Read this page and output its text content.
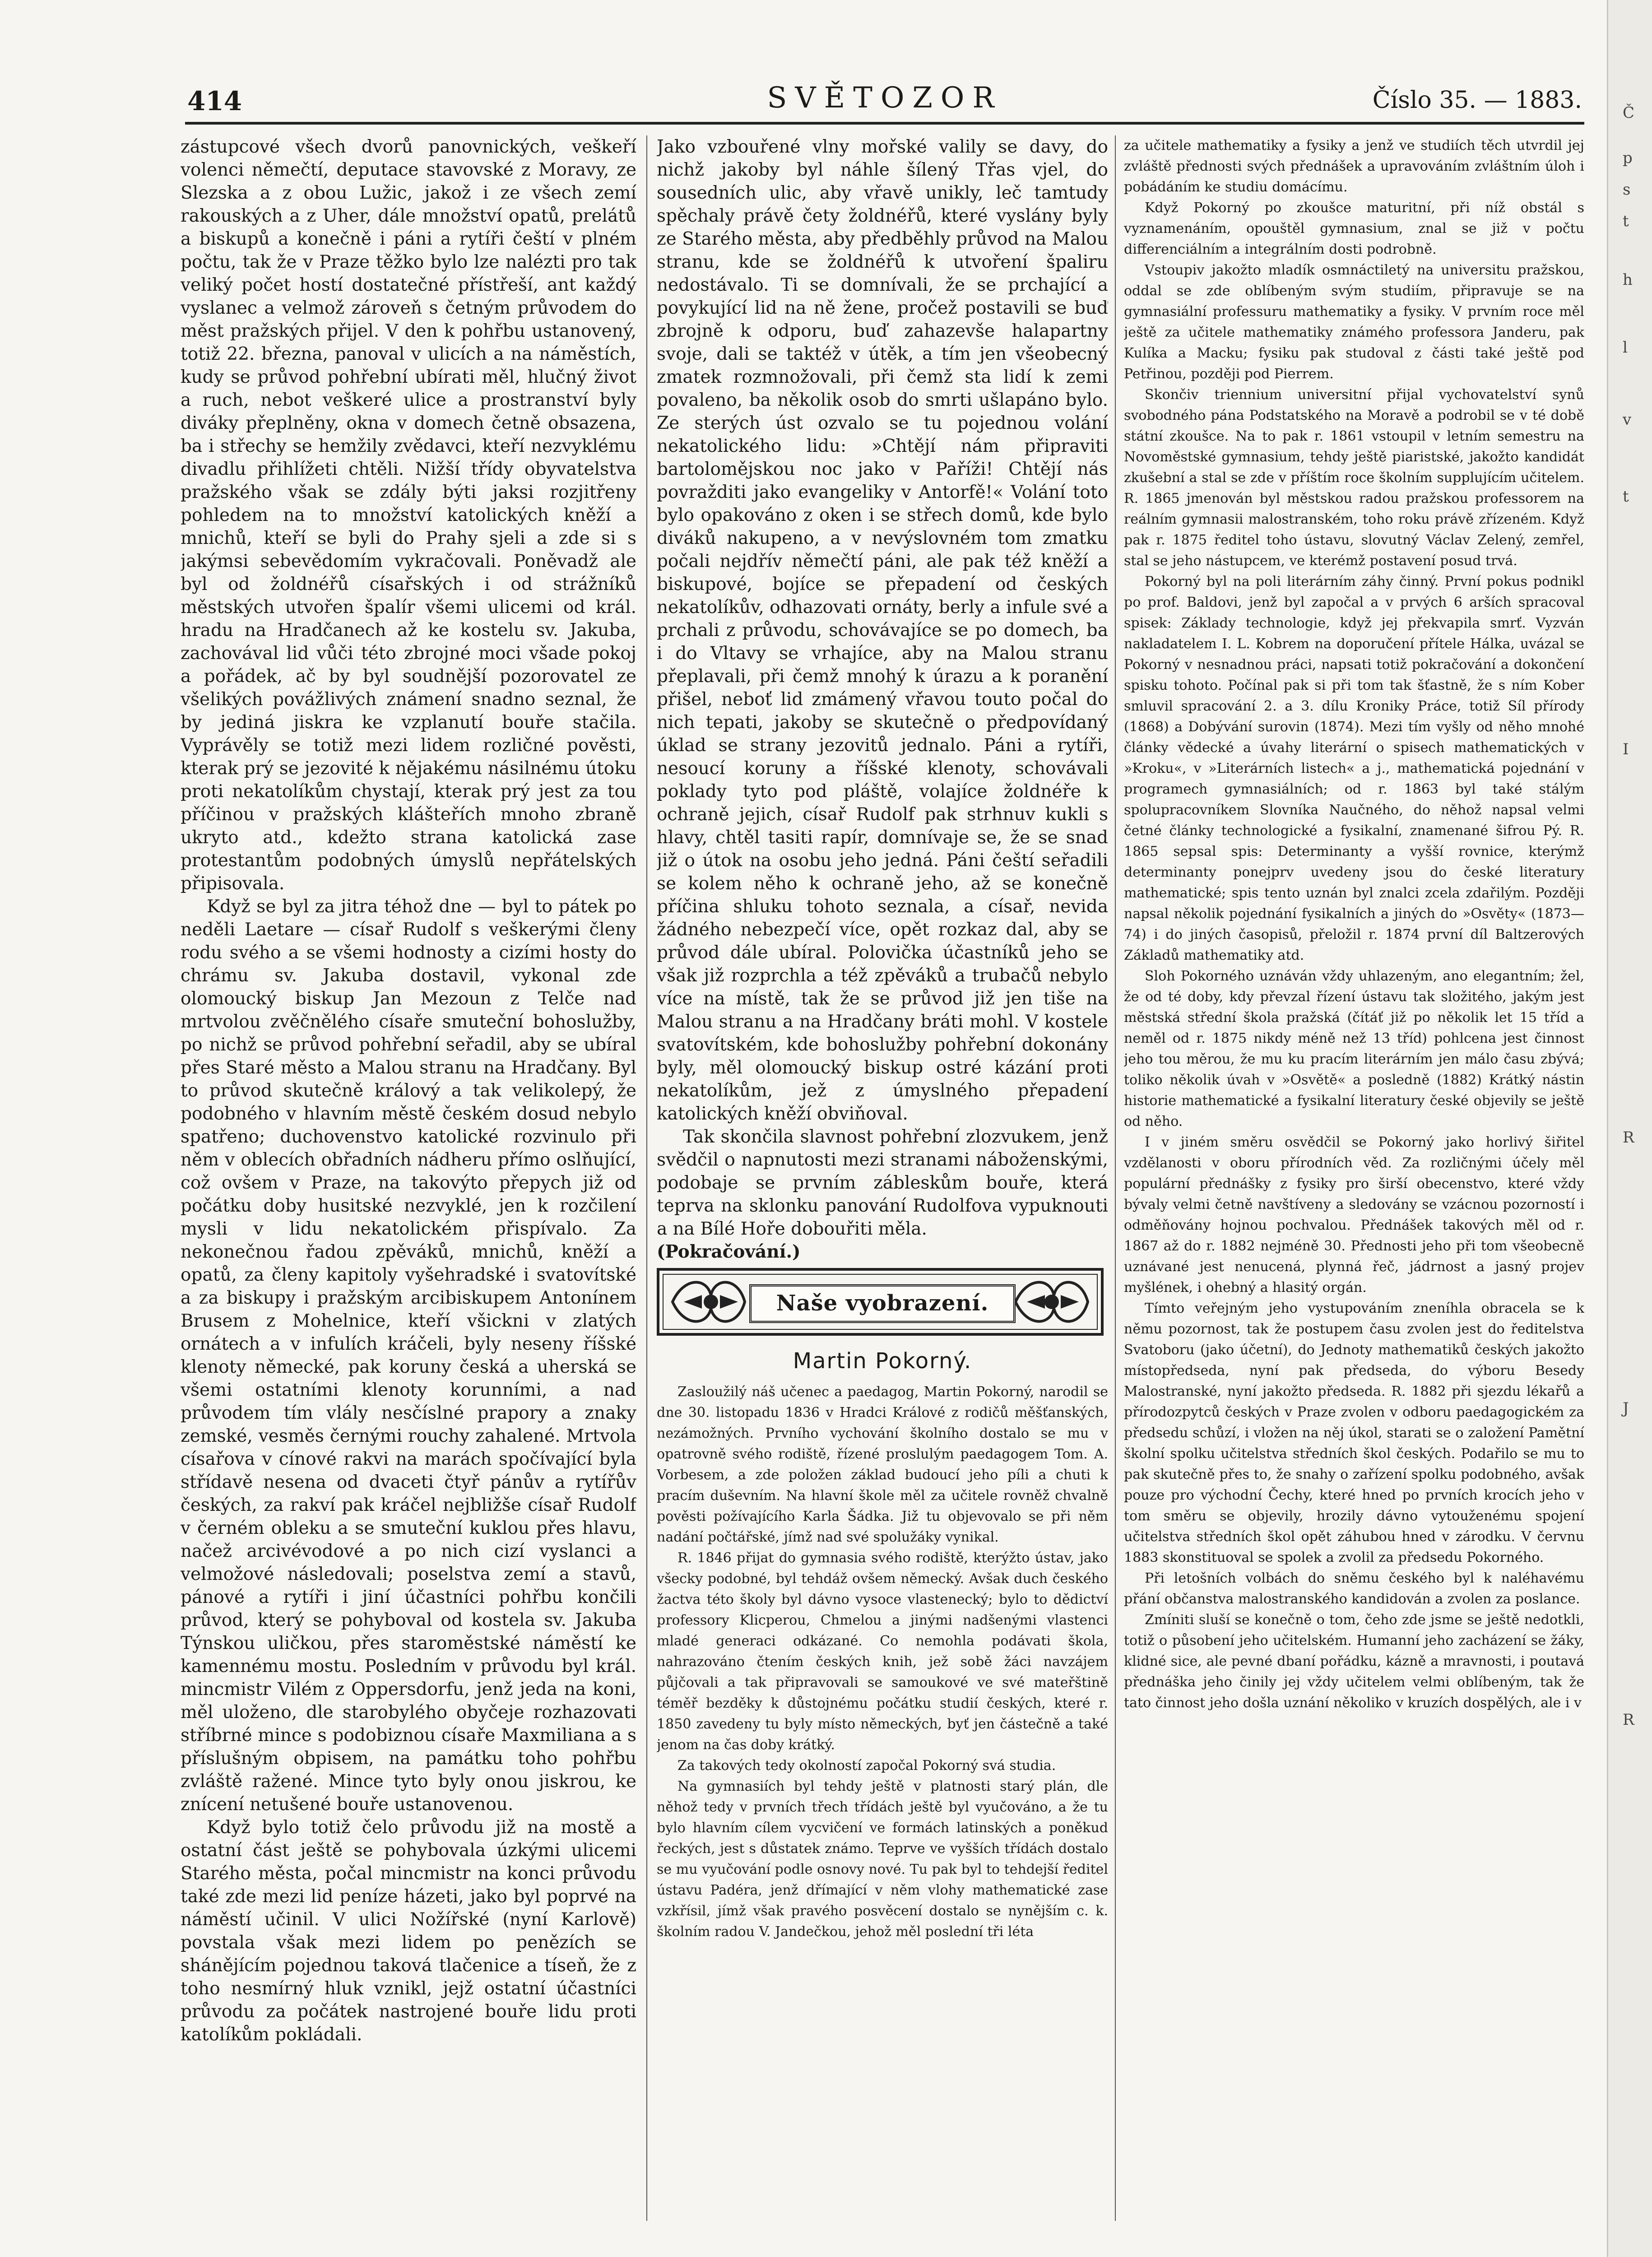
414	SVĚTOZOR	Číslo 35. — 1883.

zástupcové všech dvorů panovnických, veškeří volenci němečtí, deputace stavovské z Moravy, ze Slezska a z obou Lužic, jakož i ze všech zemí rakouských a z Uher, dále množství opatů, prelátů a biskupů a konečně i páni a rytíři čeští v plném počtu, tak že v Praze těžko bylo lze nalézti pro tak veliký počet hostí dostatečné přístřeší, ant každý vyslanec a velmož zároveň s četným průvodem do měst pražských přijel. V den k pohřbu ustanovený, totiž 22. března, panoval v ulicích a na náměstích, kudy se průvod pohřební ubírati měl, hlučný život a ruch, nebot veškeré ulice a prostranství byly diváky přeplněny, okna v domech četně obsazena, ba i střechy se hemžily zvědavci, kteří nezvyklému divadlu přihlížeti chtěli. Nižší třídy obyvatelstva pražského však se zdály býti jaksi rozjitřeny pohledem na to množství katolických kněží a mnichů, kteří se byli do Prahy sjeli a zde si s jakýmsi sebevědomím vykračovali. Poněvadž ale byl od žoldnéřů císařských i od strážníků městských utvořen špalír všemi ulicemi od král. hradu na Hradčanech až ke kostelu sv. Jakuba, zachovával lid vůči této zbrojné moci všade pokoj a pořádek, ač by byl soudnější pozorovatel ze všelikých povážlivých známení snadno seznal, že by jediná jiskra ke vzplanutí bouře stačila. Vyprávěly se totiž mezi lidem rozličné pověsti, kterak prý se jezovité k nějakému násilnému útoku proti nekatolíkům chystají, kterak prý jest za tou příčinou v pražských klášteřích mnoho zbraně ukryto atd., kdežto strana katolická zase protestantům podobných úmyslů nepřátelských připisovala.

Když se byl za jitra téhož dne — byl to pátek po neděli Laetare — císař Rudolf s veškerými členy rodu svého a se všemi hodnosty a cizími hosty do chrámu sv. Jakuba dostavil, vykonal zde olomoucký biskup Jan Mezoun z Telče nad mrtvolou zvěčnělého císaře smuteční bohoslužby, po nichž se průvod pohřební seřadil, aby se ubíral přes Staré město a Malou stranu na Hradčany. Byl to průvod skutečně králový a tak velikolepý, že podobného v hlavním městě českém dosud nebylo spatřeno; duchovenstvo katolické rozvinulo při něm v oblecích obřadních nádheru přímo oslňující, což ovšem v Praze, na takovýto přepych již od počátku doby husitské nezvyklé, jen k rozčilení mysli v lidu nekatolickém přispívalo. Za nekonečnou řadou zpěváků, mnichů, kněží a opatů, za členy kapitoly vyšehradské i svatovítské a za biskupy i pražským arcibiskupem Antonínem Brusem z Mohelnice, kteří všickni v zlatých ornátech a v infulích kráčeli, byly neseny říšské klenoty německé, pak koruny česká a uherská se všemi ostatními klenoty korunními, a nad průvodem tím vlály nesčíslné prapory a znaky zemské, vesměs černými rouchy zahalené. Mrtvola císařova v cínové rakvi na marách spočívající byla střídavě nesena od dvaceti čtyř pánův a rytířův českých, za rakví pak kráčel nejbližše císař Rudolf v černém obleku a se smuteční kuklou přes hlavu, načež arcivévodové a po nich cizí vyslanci a velmožové následovali; poselstva zemí a stavů, pánové a rytíři i jiní účastníci pohřbu končili průvod, který se pohyboval od kostela sv. Jakuba Týnskou uličkou, přes staroměstské náměstí ke kamennému mostu. Posledním v průvodu byl král. mincmistr Vilém z Oppersdorfu, jenž jeda na koni, měl uloženo, dle starobylého obyčeje rozhazovati stříbrné mince s podobiznou císaře Maxmiliana a s příslušným obpisem, na památku toho pohřbu zvláště ražené. Mince tyto byly onou jiskrou, ke znícení netušené bouře ustanovenou.

Když bylo totiž čelo průvodu již na mostě a ostatní část ještě se pohybovala úzkými ulicemi Starého města, počal mincmistr na konci průvodu také zde mezi lid peníze házeti, jako byl poprvé na náměstí učinil. V ulici Nožířské (nyní Karlově) povstala však mezi lidem po penězích se shánějícím pojednou taková tlačenice a tíseň, že z toho nesmírný hluk vznikl, jejž ostatní účastníci průvodu za počátek nastrojené bouře lidu proti katolíkům pokládali.

Jako vzbouřené vlny mořské valily se davy, do nichž jakoby byl náhle šílený Třas vjel, do sousedních ulic, aby vřavě unikly, leč tamtudy spěchaly právě čety žoldnéřů, které vyslány byly ze Starého města, aby předběhly průvod na Malou stranu, kde se žoldnéřů k utvoření špaliru nedostávalo. Ti se domnívali, že se prchající a povykující lid na ně žene, pročež postavili se buď zbrojně k odporu, buď zahazevše halapartny svoje, dali se taktéž v útěk, a tím jen všeobecný zmatek rozmnožovali, při čemž sta lidí k zemi povaleno, ba několik osob do smrti ušlapáno bylo. Ze sterých úst ozvalo se tu pojednou volání nekatolického lidu: »Chtějí nám připraviti bartolomějskou noc jako v Paříži! Chtějí nás povražditi jako evangeliky v Antorfě!« Volání toto bylo opakováno z oken i se střech domů, kde bylo diváků nakupeno, a v nevýslovném tom zmatku počali nejdřív němečtí páni, ale pak též kněží a biskupové, bojíce se přepadení od českých nekatolíkův, odhazovati ornáty, berly a infule své a prchali z průvodu, schovávajíce se po domech, ba i do Vltavy se vrhajíce, aby na Malou stranu přeplavali, při čemž mnohý k úrazu a k poranění přišel, neboť lid zmámený vřavou touto počal do nich tepati, jakoby se skutečně o předpovídaný úklad se strany jezovitů jednalo. Páni a rytíři, nesoucí koruny a říšské klenoty, schovávali poklady tyto pod pláště, volajíce žoldnéře k ochraně jejich, císař Rudolf pak strhnuv kukli s hlavy, chtěl tasiti rapír, domnívaje se, že se snad již o útok na osobu jeho jedná. Páni čeští seřadili se kolem něho k ochraně jeho, až se konečně příčina shluku tohoto seznala, a císař, nevida žádného nebezpečí více, opět rozkaz dal, aby se průvod dále ubíral. Polovička účastníků jeho se však již rozprchla a též zpěváků a trubačů nebylo více na místě, tak že se průvod již jen tiše na Malou stranu a na Hradčany bráti mohl. V kostele svatovítském, kde bohoslužby pohřební dokonány byly, měl olomoucký biskup ostré kázání proti nekatolíkům, jež z úmyslného přepadení katolických kněží obviňoval.

Tak skončila slavnost pohřební zlozvukem, jenž svědčil o napnutosti mezi stranami náboženskými, podobaje se prvním zábleskům bouře, která teprva na sklonku panování Rudolfova vypuknouti a na Bílé Hoře dobouřiti měla.

(Pokračování.)

Naše vyobrazení.
Martin Pokorný.

Zasloužilý náš učenec a paedagog, Martin Pokorný, narodil se dne 30. listopadu 1836 v Hradci Králové z rodičů měšťanských, nezámožných. Prvního vychování školního dostalo se mu v opatrovně svého rodiště, řízené proslulým paedagogem Tom. A. Vorbesem, a zde položen základ budoucí jeho píli a chuti k pracím duševním. Na hlavní škole měl za učitele rovněž chvalně pověsti požívajícího Karla Šádka. Již tu objevovalo se při něm nadání počtářské, jímž nad své spolužáky vynikal.

R. 1846 přijat do gymnasia svého rodiště, kterýžto ústav, jako všecky podobné, byl tehdáž ovšem německý. Avšak duch českého žactva této školy byl dávno vysoce vlastenecký; bylo to dědictví professory Klicperou, Chmelou a jinými nadšenými vlastenci mladé generaci odkázané. Co nemohla podávati škola, nahrazováno čtením českých knih, jež sobě žáci navzájem půjčovali a tak připravovali se samoukové ve své mateřštině téměř bezděky k důstojnému počátku studií českých, které r. 1850 zavedeny tu byly místo německých, byť jen částečně a také jenom na čas doby krátký.

Za takových tedy okolností započal Pokorný svá studia.

Na gymnasiích byl tehdy ještě v platnosti starý plán, dle něhož tedy v prvních třech třídách ještě byl vyučováno, a že tu bylo hlavním cílem vycvičení ve formách latinských a poněkud řeckých, jest s důstatek známo. Teprve ve vyšších třídách dostalo se mu vyučování podle osnovy nové. Tu pak byl to tehdejší ředitel ústavu Padéra, jenž dřímající v něm vlohy mathematické zase vzkřísil, jímž však pravého posvěcení dostalo se nynějším c. k. školním radou V. Jandečkou, jehož měl poslední tři léta

za učitele mathematiky a fysiky a jenž ve studiích těch utvrdil jej zvláště přednosti svých přednášek a upravováním zvláštním úloh i pobádáním ke studiu domácímu.

Když Pokorný po zkoušce maturitní, při níž obstál s vyznamenáním, opouštěl gymnasium, znal se již v počtu differenciálním a integrálním dosti podrobně.

Vstoupiv jakožto mladík osmnáctiletý na universitu pražskou, oddal se zde oblíbeným svým studiím, připravuje se na gymnasiální professuru mathematiky a fysiky. V prvním roce měl ještě za učitele mathematiky známého professora Janderu, pak Kulíka a Macku; fysiku pak studoval z části také ještě pod Petřinou, později pod Pierrem.

Skončiv triennium universitní přijal vychovatelství synů svobodného pána Podstatského na Moravě a podrobil se v té době státní zkoušce. Na to pak r. 1861 vstoupil v letním semestru na Novoměstské gymnasium, tehdy ještě piaristské, jakožto kandidát zkušební a stal se zde v příštím roce školním supplujícím učitelem. R. 1865 jmenován byl městskou radou pražskou professorem na reálním gymnasii malostranském, toho roku právě zřízeném. Když pak r. 1875 ředitel toho ústavu, slovutný Václav Zelený, zemřel, stal se jeho nástupcem, ve kterémž postavení posud trvá.

Pokorný byl na poli literárním záhy činný. První pokus podnikl po prof. Baldovi, jenž byl započal a v prvých 6 arších spracoval spisek: Základy technologie, když jej překvapila smrť. Vyzván nakladatelem I. L. Kobrem na doporučení přítele Hálka, uvázal se Pokorný v nesnadnou práci, napsati totiž pokračování a dokončení spisku tohoto. Počínal pak si při tom tak šťastně, že s ním Kober smluvil spracování 2. a 3. dílu Kroniky Práce, totiž Síl přírody (1868) a Dobývání surovin (1874). Mezi tím vyšly od něho mnohé články vědecké a úvahy literární o spisech mathematických v »Kroku«, v »Literárních listech« a j., mathematická pojednání v programech gymnasiálních; od r. 1863 byl také stálým spolupracovníkem Slovníka Naučného, do něhož napsal velmi četné články technologické a fysikalní, znamenané šifrou Pý. R. 1865 sepsal spis: Determinanty a vyšší rovnice, kterýmž determinanty ponejprv uvedeny jsou do české literatury mathematické; spis tento uznán byl znalci zcela zdařilým. Později napsal několik pojednání fysikalních a jiných do »Osvěty« (1873—74) i do jiných časopisů, přeložil r. 1874 první díl Baltzerových Základů mathematiky atd.

Sloh Pokorného uznáván vždy uhlazeným, ano elegantním; žel, že od té doby, kdy převzal řízení ústavu tak složitého, jakým jest městská střední škola pražská (čítáť již po několik let 15 tříd a neměl od r. 1875 nikdy méně než 13 tříd) pohlcena jest činnost jeho tou měrou, že mu ku pracím literárním jen málo času zbývá; toliko několik úvah v »Osvětě« a posledně (1882) Krátký nástin historie mathematické a fysikalní literatury české objevily se ještě od něho.

I v jiném směru osvědčil se Pokorný jako horlivý šiřitel vzdělanosti v oboru přírodních věd. Za rozličnými účely měl populární přednášky z fysiky pro širší obecenstvo, které vždy bývaly velmi četně navštíveny a sledovány se vzácnou pozorností i odměňovány hojnou pochvalou. Přednášek takových měl od r. 1867 až do r. 1882 nejméně 30. Přednosti jeho při tom všeobecně uznávané jest nenucená, plynná řeč, jádrnost a jasný projev myšlének, i ohebný a hlasitý orgán.

Tímto veřejným jeho vystupováním zneníhla obracela se k němu pozornost, tak že postupem času zvolen jest do ředitelstva Svatoboru (jako účetní), do Jednoty mathematiků českých jakožto místopředseda, nyní pak předseda, do výboru Besedy Malostranské, nyní jakožto předseda. R. 1882 při sjezdu lékařů a přírodozpytců českých v Praze zvolen v odboru paedagogickém za předsedu schůzí, i vložen na něj úkol, starati se o založení Pamětní školní spolku učitelstva středních škol českých. Podařilo se mu to pak skutečně přes to, že snahy o zařízení spolku podobného, avšak pouze pro východní Čechy, které hned po prvních krocích jeho v tom směru se objevily, hrozily dávno vytouženému spojení učitelstva středních škol opět záhubou hned v zárodku. V červnu 1883 skonstituoval se spolek a zvolil za předsedu Pokorného.

Při letošních volbách do sněmu českého byl k naléhavému přání občanstva malostranského kandidován a zvolen za poslance.

Zmíniti sluší se konečně o tom, čeho zde jsme se ještě nedotkli, totiž o působení jeho učitelském. Humanní jeho zacházení se žáky, klidné sice, ale pevné dbaní pořádku, kázně a mravnosti, i poutavá přednáška jeho činily jej vždy učitelem velmi oblíbeným, tak že tato činnost jeho došla uznání několiko v kruzích dospělých, ale i v

Č
p
s
t
h
l
v
t
I
R
J
R
